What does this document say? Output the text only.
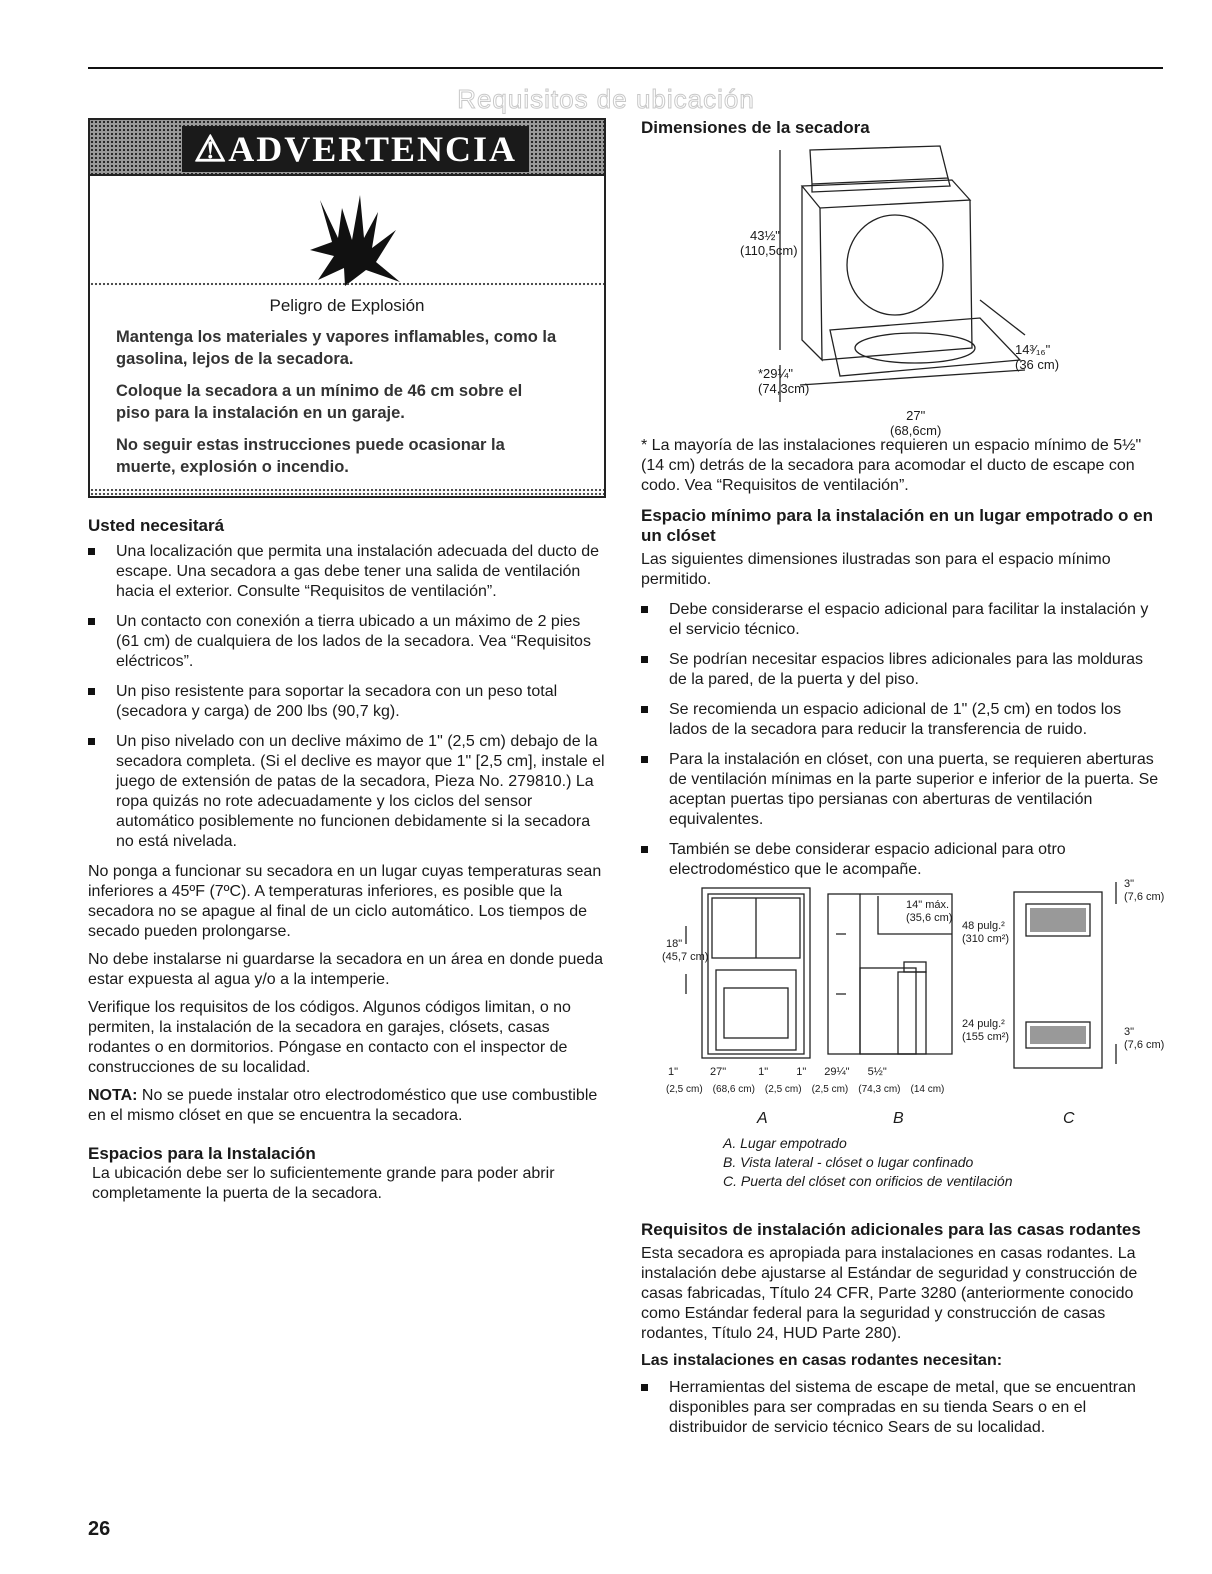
Requisitos de ubicación
⚠ADVERTENCIA
Peligro de Explosión
Mantenga los materiales y vapores inflamables, como la gasolina, lejos de la secadora.
Coloque la secadora a un mínimo de 46 cm sobre el piso para la instalación en un garaje.
No seguir estas instrucciones puede ocasionar la muerte, explosión o incendio.
Usted necesitará
Una localización que permita una instalación adecuada del ducto de escape. Una secadora a gas debe tener una salida de ventilación hacia el exterior. Consulte “Requisitos de ventilación”.
Un contacto con conexión a tierra ubicado a un máximo de 2 pies (61 cm) de cualquiera de los lados de la secadora. Vea “Requisitos eléctricos”.
Un piso resistente para soportar la secadora con un peso total (secadora y carga) de 200 lbs (90,7 kg).
Un piso nivelado con un declive máximo de 1" (2,5 cm) debajo de la secadora completa. (Si el declive es mayor que 1" [2,5 cm], instale el juego de extensión de patas de la secadora, Pieza No. 279810.) La ropa quizás no rote adecuadamente y los ciclos del sensor automático posiblemente no funcionen debidamente si la secadora no está nivelada.

No ponga a funcionar su secadora en un lugar cuyas temperaturas sean inferiores a 45ºF (7ºC). A temperaturas inferiores, es posible que la secadora no se apague al final de un ciclo automático. Los tiempos de secado pueden prolongarse.

No debe instalarse ni guardarse la secadora en un área en donde pueda estar expuesta al agua y/o a la intemperie.

Verifique los requisitos de los códigos. Algunos códigos limitan, o no permiten, la instalación de la secadora en garajes, clósets, casas rodantes o en dormitorios. Póngase en contacto con el inspector de construcciones de su localidad.

NOTA: No se puede instalar otro electrodoméstico que use combustible en el mismo clóset en que se encuentra la secadora.

Espacios para la Instalación

La ubicación debe ser lo suficientemente grande para poder abrir completamente la puerta de la secadora.

Dimensiones de la secadora
43½"
(110,5cm)
*29¼"
(74,3cm)
27"
(68,6cm)
14³⁄₁₆"
(36 cm)

* La mayoría de las instalaciones requieren un espacio mínimo de 5½" (14 cm) detrás de la secadora para acomodar el ducto de escape con codo. Vea “Requisitos de ventilación”.

Espacio mínimo para la instalación en un lugar empotrado o en un clóset

Las siguientes dimensiones ilustradas son para el espacio mínimo permitido.

Debe considerarse el espacio adicional para facilitar la instalación y el servicio técnico.
Se podrían necesitar espacios libres adicionales para las molduras de la pared, de la puerta y del piso.
Se recomienda un espacio adicional de 1" (2,5 cm) en todos los lados de la secadora para reducir la transferencia de ruido.
Para la instalación en clóset, con una puerta, se requieren aberturas de ventilación mínimas en la parte superior e inferior de la puerta. Se aceptan puertas tipo persianas con aberturas de ventilación equivalentes.
También se debe considerar espacio adicional para otro electrodoméstico que le acompañe.
18"
(45,7 cm)
14" máx.
(35,6 cm)
48 pulg.²
(310 cm²)
24 pulg.²
(155 cm²)
3"
(7,6 cm)
3"
(7,6 cm)
1"	27"	1"	1" 29¼" 5½"
(2,5 cm) (68,6 cm) (2,5 cm) (2,5 cm) (74,3 cm) (14 cm)
A	B	C
A. Lugar empotrado
B. Vista lateral - clóset o lugar confinado
C. Puerta del clóset con orificios de ventilación
Requisitos de instalación adicionales para las casas rodantes

Esta secadora es apropiada para instalaciones en casas rodantes. La instalación debe ajustarse al Estándar de seguridad y construcción de casas fabricadas, Título 24 CFR, Parte 3280 (anteriormente conocido como Estándar federal para la seguridad y construcción de casas rodantes, Título 24, HUD Parte 280).

Las instalaciones en casas rodantes necesitan:
Herramientas del sistema de escape de metal, que se encuentran disponibles para ser compradas en su tienda Sears o en el distribuidor de servicio técnico Sears de su localidad.
26
